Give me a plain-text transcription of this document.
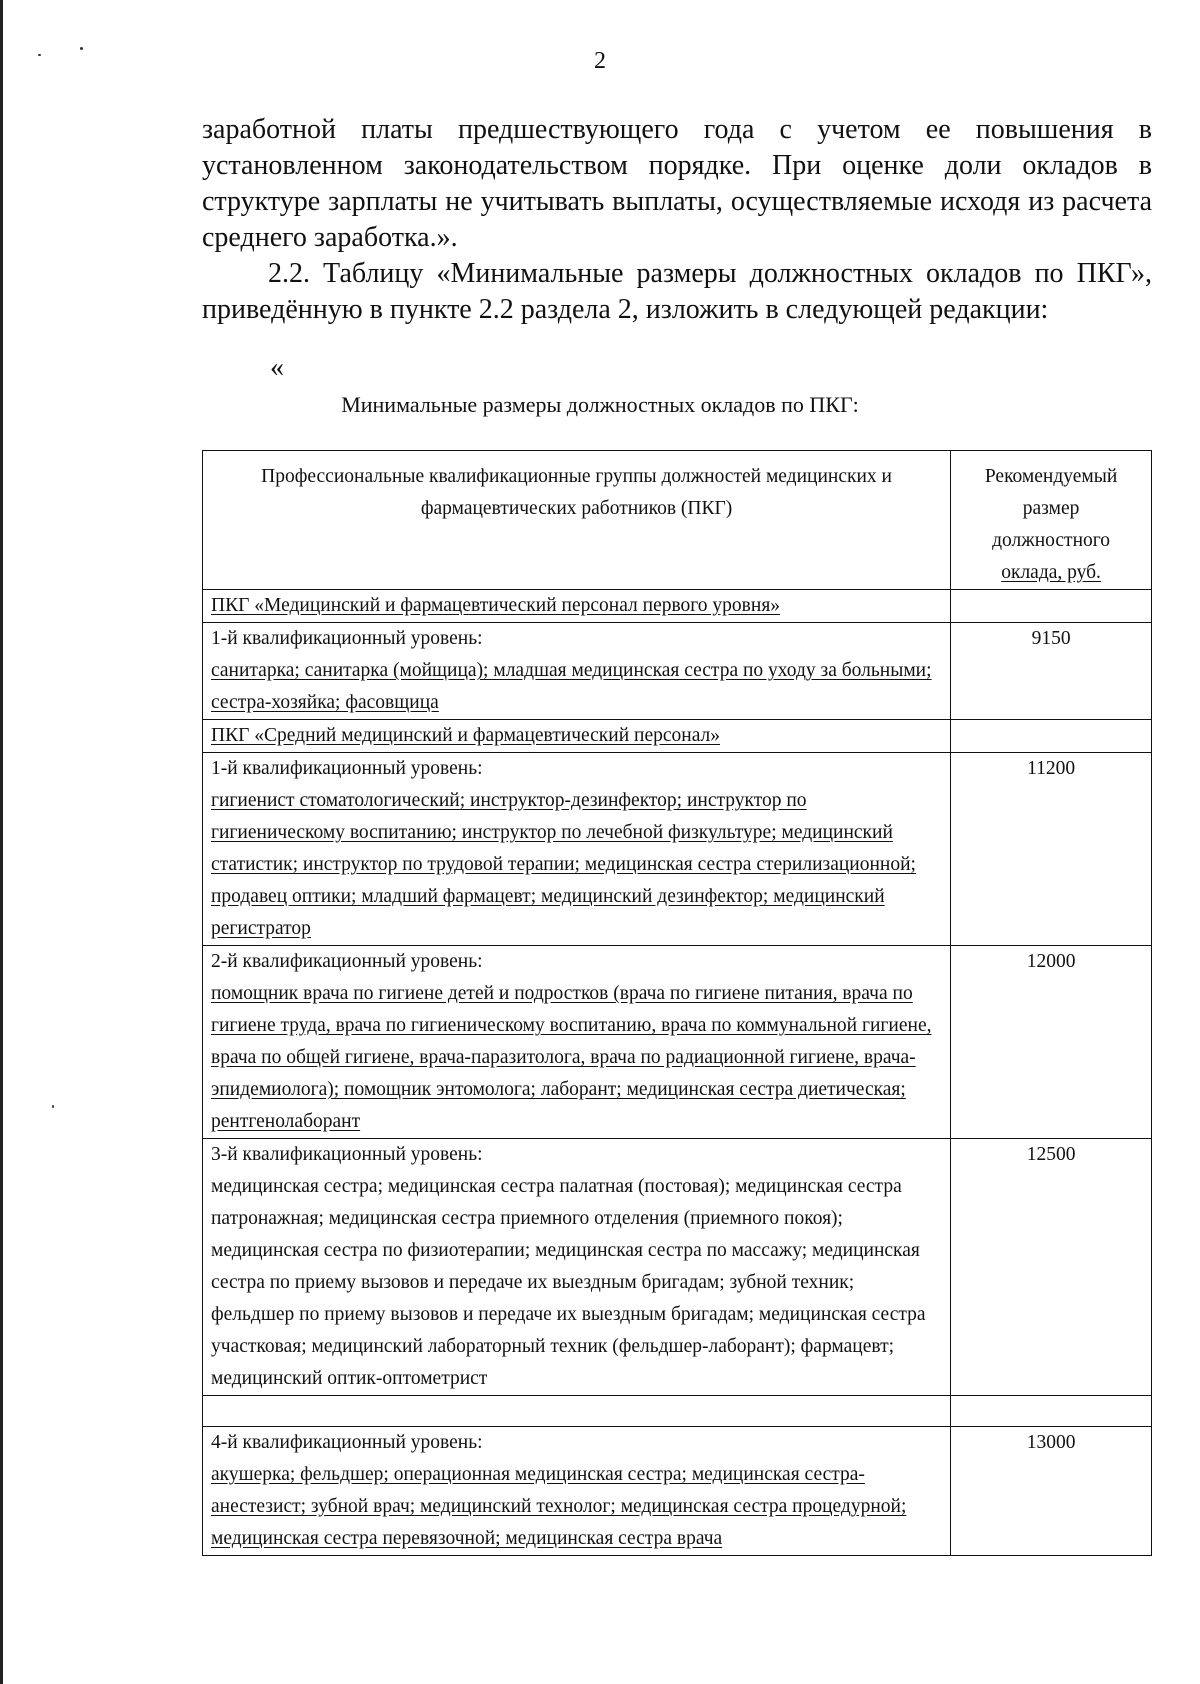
2

заработной платы предшествующего года с учетом ее повышения в установленном законодательством порядке. При оценке доли окладов в структуре зарплаты не учитывать выплаты, осуществляемые исходя из расчета среднего заработка.».

2.2. Таблицу «Минимальные размеры должностных окладов по ПКГ», приведённую в пункте 2.2 раздела 2, изложить в следующей редакции:

«
Минимальные размеры должностных окладов по ПКГ:
Профессиональные квалификационные группы должностей медицинских и фармацевтических работников (ПКГ)	Рекомендуемый
размер
должностного
оклада, руб.

ПКГ «Медицинский и фармацевтический персонал первого уровня»	

1-й квалификационный уровень:
санитарка; санитарка (мойщица); младшая медицинская сестра по уходу за больными; сестра-хозяйка; фасовщица	9150
ПКГ «Средний медицинский и фармацевтический персонал»	

1-й квалификационный уровень:
гигиенист стоматологический; инструктор-дезинфектор; инструктор по гигиеническому воспитанию; инструктор по лечебной физкультуре; медицинский статистик; инструктор по трудовой терапии; медицинская сестра стерилизационной; продавец оптики; младший фармацевт; медицинский дезинфектор; медицинский регистратор	11200

2-й квалификационный уровень:
помощник врача по гигиене детей и подростков (врача по гигиене питания, врача по гигиене труда, врача по гигиеническому воспитанию, врача по коммунальной гигиене, врача по общей гигиене, врача-паразитолога, врача по радиационной гигиене, врача-эпидемиолога); помощник энтомолога; лаборант; медицинская сестра диетическая; рентгенолаборант	12000

3-й квалификационный уровень:
медицинская сестра; медицинская сестра палатная (постовая); медицинская сестра патронажная; медицинская сестра приемного отделения (приемного покоя); медицинская сестра по физиотерапии; медицинская сестра по массажу; медицинская сестра по приему вызовов и передаче их выездным бригадам; зубной техник; фельдшер по приему вызовов и передаче их выездным бригадам; медицинская сестра участковая; медицинский лабораторный техник (фельдшер-лаборант); фармацевт; медицинский оптик-оптометрист	12500

4-й квалификационный уровень:
акушерка; фельдшер; операционная медицинская сестра; медицинская сестра-анестезист; зубной врач; медицинский технолог; медицинская сестра процедурной; медицинская сестра перевязочной; медицинская сестра врача	13000
